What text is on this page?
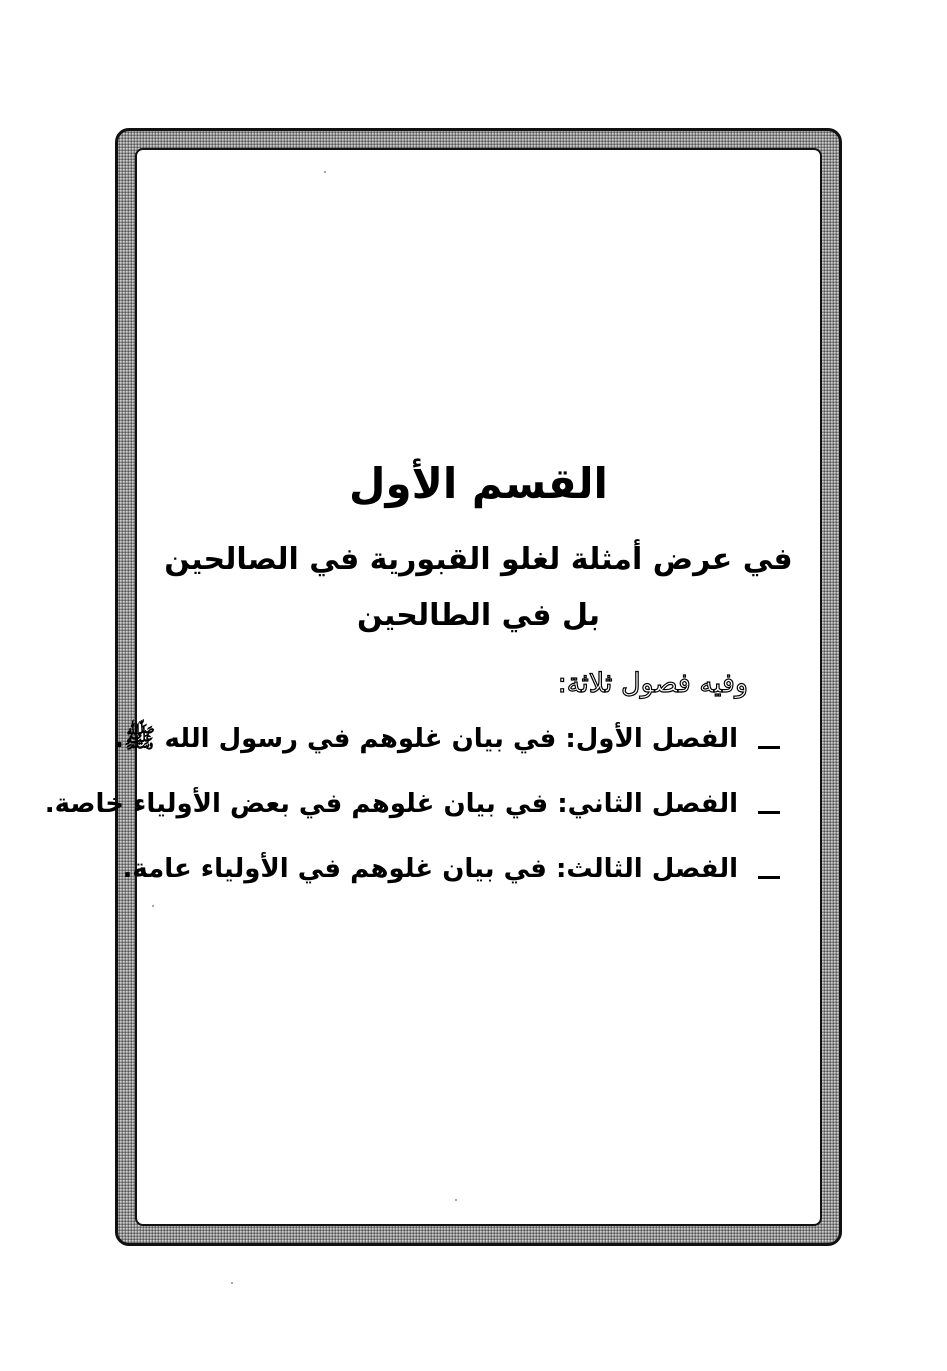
القسم الأول
في عرض أمثلة لغلو القبورية في الصالحين بل في الطالحين

وفيه فصول ثلاثة:

الفصل الأول: في بيان غلوهم في رسول الله ﷺ.
الفصل الثاني: في بيان غلوهم في بعض الأولياء خاصة.
الفصل الثالث: في بيان غلوهم في الأولياء عامة.
